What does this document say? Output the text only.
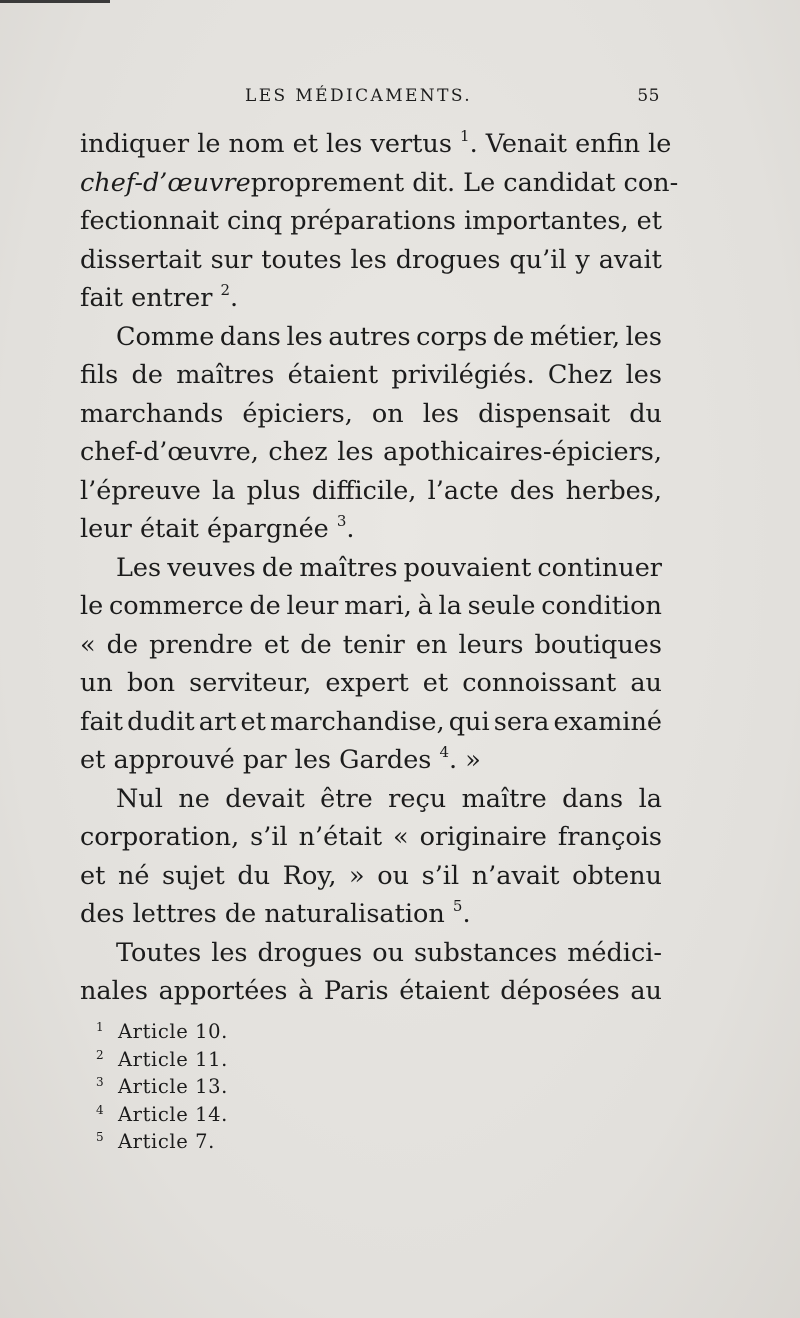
LES MÉDICAMENTS.	55
indiquer le nom et les vertus $^1$. Venait enfin le
chef-d’œuvre proprement dit. Le candidat con-
fectionnait cinq préparations importantes, et
dissertait sur toutes les drogues qu’il y avait
fait entrer $^2$.
Comme dans les autres corps de métier, les
fils de maîtres étaient privilégiés. Chez les
marchands épiciers, on les dispensait du
chef-d’œuvre, chez les apothicaires-épiciers,
l’épreuve la plus difficile, l’acte des herbes,
leur était épargnée $^3$.
Les veuves de maîtres pouvaient continuer
le commerce de leur mari, à la seule condition
« de prendre et de tenir en leurs boutiques
un bon serviteur, expert et connoissant au
fait dudit art et marchandise, qui sera examiné
et approuvé par les Gardes $^4$. »
Nul ne devait être reçu maître dans la
corporation, s’il n’était « originaire françois
et né sujet du Roy, » ou s’il n’avait obtenu
des lettres de naturalisation $^5$.
Toutes les drogues ou substances médici-
nales apportées à Paris étaient déposées au
1 Article 10.
2 Article 11.
3 Article 13.
4 Article 14.
5 Article 7.
